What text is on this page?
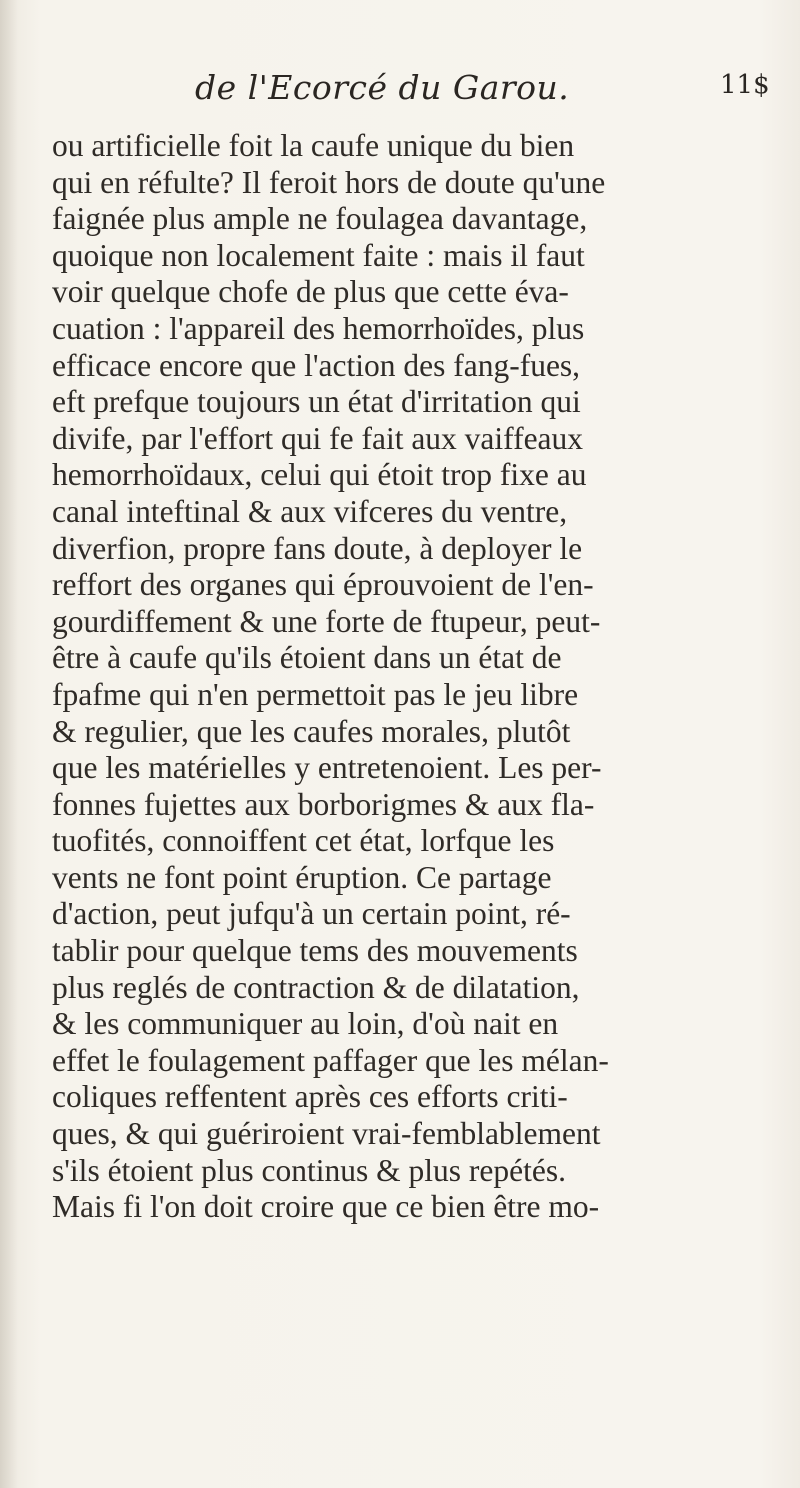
de l'Ecorcé du Garou.	11$
ou artificielle foit la caufe unique du bien
qui en réfulte? Il feroit hors de doute qu'une
faignée plus ample ne foulagea davantage,
quoique non localement faite : mais il faut
voir quelque chofe de plus que cette éva-
cuation : l'appareil des hemorrhoïdes, plus
efficace encore que l'action des fang-fues,
eft prefque toujours un état d'irritation qui
divife, par l'effort qui fe fait aux vaiffeaux
hemorrhoïdaux, celui qui étoit trop fixe au
canal inteftinal & aux vifceres du ventre,
diverfion, propre fans doute, à deployer le
reffort des organes qui éprouvoient de l'en-
gourdiffement & une forte de ftupeur, peut-
être à caufe qu'ils étoient dans un état de
fpafme qui n'en permettoit pas le jeu libre
& regulier, que les caufes morales, plutôt
que les matérielles y entretenoient. Les per-
fonnes fujettes aux borborigmes & aux fla-
tuofités, connoiffent cet état, lorfque les
vents ne font point éruption. Ce partage
d'action, peut jufqu'à un certain point, ré-
tablir pour quelque tems des mouvements
plus reglés de contraction & de dilatation,
& les communiquer au loin, d'où nait en
effet le foulagement paffager que les mélan-
coliques reffentent après ces efforts criti-
ques, & qui guériroient vrai-femblablement
s'ils étoient plus continus & plus repétés.
Mais fi l'on doit croire que ce bien être mo-
